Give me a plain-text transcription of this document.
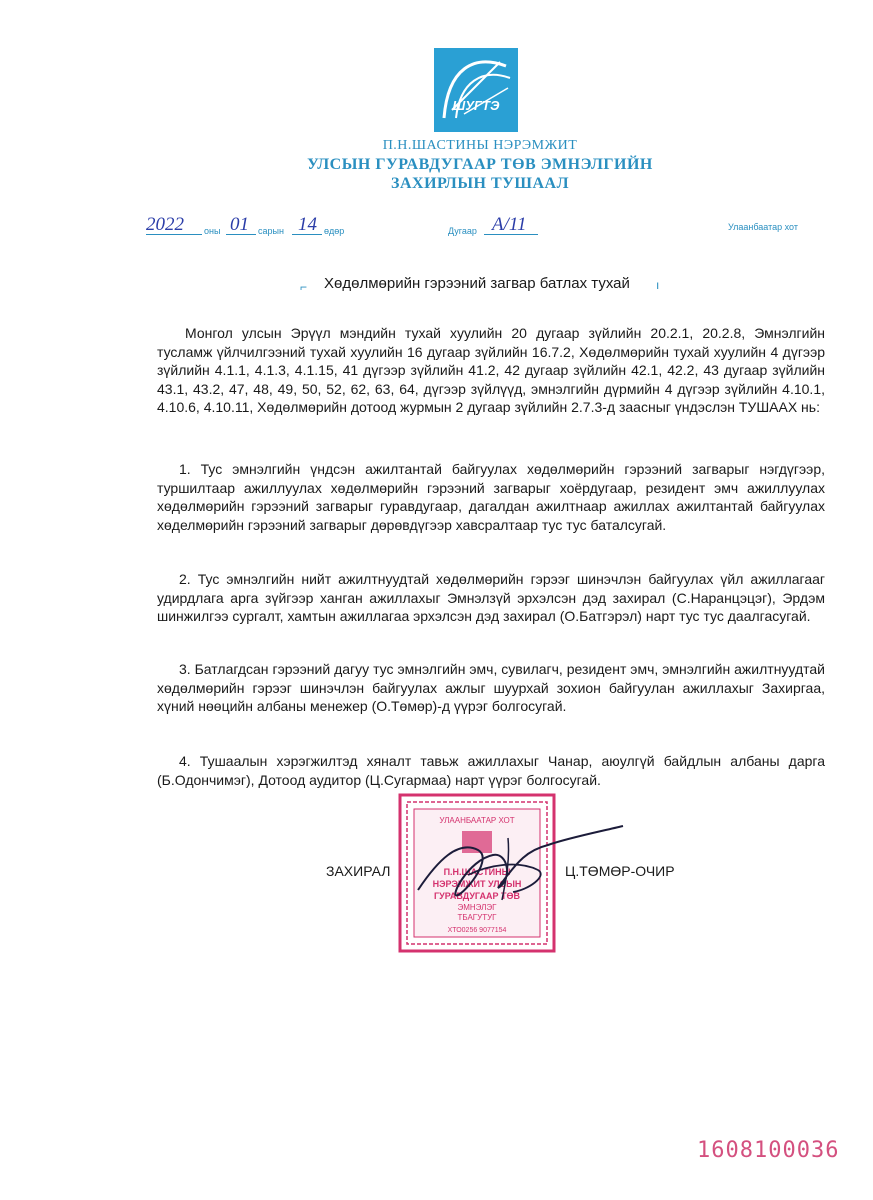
ШУГТЭ
П.Н.ШАСТИНЫ НЭРЭМЖИТ
УЛСЫН ГУРАВДУГААР ТӨВ ЭМНЭЛГИЙН
ЗАХИРЛЫН ТУШААЛ
2022 оны 01 сарын 14 өдөр	Дугаар А/11	Улаанбаатар хот
⌐ Хөдөлмөрийн гэрээний загвар батлах тухай ı
Монгол улсын Эрүүл мэндийн тухай хуулийн 20 дугаар зүйлийн 20.2.1, 20.2.8, Эмнэлгийн тусламж үйлчилгээний тухай хуулийн 16 дугаар зүйлийн 16.7.2, Хөдөлмөрийн тухай хуулийн 4 дүгээр зүйлийн 4.1.1, 4.1.3, 4.1.15, 41 дүгээр зүйлийн 41.2, 42 дугаар зүйлийн 42.1, 42.2, 43 дугаар зүйлийн 43.1, 43.2, 47, 48, 49, 50, 52, 62, 63, 64, дүгээр зүйлүүд, эмнэлгийн дүрмийн 4 дүгээр зүйлийн 4.10.1, 4.10.6, 4.10.11, Хөдөлмөрийн дотоод журмын 2 дугаар зүйлийн 2.7.3-д заасныг үндэслэн ТУШААХ нь:
1. Тус эмнэлгийн үндсэн ажилтантай байгуулах хөдөлмөрийн гэрээний загварыг нэгдүгээр, туршилтаар ажиллуулах хөдөлмөрийн гэрээний загварыг хоёрдугаар, резидент эмч ажиллуулах хөдөлмөрийн гэрээний загварыг гуравдугаар, дагалдан ажилтнаар ажиллах ажилтантай байгуулах хөделмөрийн гэрээний загварыг дөрөвдүгээр хавсралтаар тус тус баталсугай.
2. Тус эмнэлгийн нийт ажилтнуудтай хөдөлмөрийн гэрээг шинэчлэн байгуулах үйл ажиллагааг удирдлага арга зүйгээр ханган ажиллахыг Эмнэлзүй эрхэлсэн дэд захирал (С.Наранцэцэг), Эрдэм шинжилгээ сургалт, хамтын ажиллагаа эрхэлсэн дэд захирал (О.Батгэрэл) нарт тус тус даалгасугай.
3. Батлагдсан гэрээний дагуу тус эмнэлгийн эмч, сувилагч, резидент эмч, эмнэлгийн ажилтнуудтай хөдөлмөрийн гэрээг шинэчлэн байгуулах ажлыг шуурхай зохион байгуулан ажиллахыг Захиргаа, хүний нөөцийн албаны менежер (О.Төмөр)-д үүрэг болгосугай.
4. Тушаалын хэрэгжилтэд хяналт тавьж ажиллахыг Чанар, аюулгүй байдлын албаны дарга (Б.Одончимэг), Дотоод аудитор (Ц.Сугармаа) нарт үүрэг болгосугай.
УЛААНБААТАР ХОТ
П.Н.ШАСТИНЫ
НЭРЭМЖИТ УЛСЫН
ГУРАВДУГААР ТӨВ
ЭМНЭЛЭГ
ТБАГУТУГ
ХТО0256 9077154
ЗАХИРАЛ	Ц.ТӨМӨР-ОЧИР
1608100036
